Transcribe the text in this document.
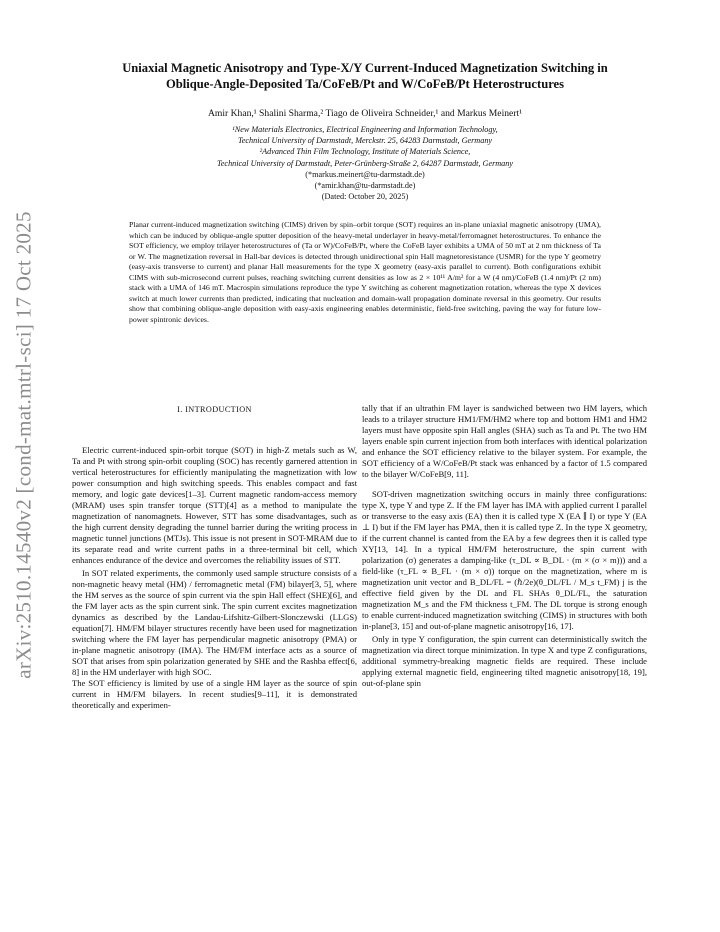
arXiv:2510.14540v2 [cond-mat.mtrl-sci] 17 Oct 2025
Uniaxial Magnetic Anisotropy and Type-X/Y Current-Induced Magnetization Switching in
Oblique-Angle-Deposited Ta/CoFeB/Pt and W/CoFeB/Pt Heterostructures
Amir Khan,¹ Shalini Sharma,² Tiago de Oliveira Schneider,¹ and Markus Meinert¹
¹New Materials Electronics, Electrical Engineering and Information Technology,
Technical University of Darmstadt, Merckstr. 25, 64283 Darmstadt, Germany
²Advanced Thin Film Technology, Institute of Materials Science,
Technical University of Darmstadt, Peter-Grünberg-Straße 2, 64287 Darmstadt, Germany
(*markus.meinert@tu-darmstadt.de)
(*amir.khan@tu-darmstadt.de)
(Dated: October 20, 2025)
Planar current-induced magnetization switching (CIMS) driven by spin–orbit torque (SOT) requires an in-plane uniaxial magnetic anisotropy (UMA), which can be induced by oblique-angle sputter deposition of the heavy-metal underlayer in heavy-metal/ferromagnet heterostructures. To enhance the SOT efficiency, we employ trilayer heterostructures of (Ta or W)/CoFeB/Pt, where the CoFeB layer exhibits a UMA of 50 mT at 2 nm thickness of Ta or W. The magnetization reversal in Hall-bar devices is detected through unidirectional spin Hall magnetoresistance (USMR) for the type Y geometry (easy-axis transverse to current) and planar Hall measurements for the type X geometry (easy-axis parallel to current). Both configurations exhibit CIMS with sub-microsecond current pulses, reaching switching current densities as low as 2 × 10¹¹ A/m² for a W (4 nm)/CoFeB (1.4 nm)/Pt (2 nm) stack with a UMA of 146 mT. Macrospin simulations reproduce the type Y switching as coherent magnetization rotation, whereas the type X devices switch at much lower currents than predicted, indicating that nucleation and domain-wall propagation dominate reversal in this geometry. Our results show that combining oblique-angle deposition with easy-axis engineering enables deterministic, field-free switching, paving the way for future low-power spintronic devices.
I. INTRODUCTION

Electric current-induced spin-orbit torque (SOT) in high-Z metals such as W, Ta and Pt with strong spin-orbit coupling (SOC) has recently garnered attention in vertical heterostructures for efficiently manipulating the magnetization with low power consumption and high switching speeds. This enables compact and fast memory, and logic gate devices[1–3]. Current magnetic random-access memory (MRAM) uses spin transfer torque (STT)[4] as a method to manipulate the magnetization of nanomagnets. However, STT has some disadvantages, such as the high current density degrading the tunnel barrier during the writing process in magnetic tunnel junctions (MTJs). This issue is not present in SOT-MRAM due to its separate read and write current paths in a three-terminal bit cell, which enhances endurance of the device and overcomes the reliability issues of STT.

In SOT related experiments, the commonly used sample structure consists of a non-magnetic heavy metal (HM) / ferromagnetic metal (FM) bilayer[3, 5], where the HM serves as the source of spin current via the spin Hall effect (SHE)[6], and the FM layer acts as the spin current sink. The spin current excites magnetization dynamics as described by the Landau-Lifshitz-Gilbert-Slonczewski (LLGS) equation[7]. HM/FM bilayer structures recently have been used for magnetization switching where the FM layer has perpendicular magnetic anisotropy (PMA) or in-plane magnetic anisotropy (IMA). The HM/FM interface acts as a source of SOT that arises from spin polarization generated by SHE and the Rashba effect[6, 8] in the HM underlayer with high SOC.

The SOT efficiency is limited by use of a single HM layer as the source of spin current in HM/FM bilayers. In recent studies[9–11], it is demonstrated theoretically and experimen-

tally that if an ultrathin FM layer is sandwiched between two HM layers, which leads to a trilayer structure HM1/FM/HM2 where top and bottom HM1 and HM2 layers must have opposite spin Hall angles (SHA) such as Ta and Pt. The two HM layers enable spin current injection from both interfaces with identical polarization and enhance the SOT efficiency relative to the bilayer system. For example, the SOT efficiency of a W/CoFeB/Pt stack was enhanced by a factor of 1.5 compared to the bilayer W/CoFeB[9, 11].

SOT-driven magnetization switching occurs in mainly three configurations: type X, type Y and type Z. If the FM layer has IMA with applied current I parallel or transverse to the easy axis (EA) then it is called type X (EA ∥ I) or type Y (EA ⊥ I) but if the FM layer has PMA, then it is called type Z. In the type X geometry, if the current channel is canted from the EA by a few degrees then it is called type XY[13, 14]. In a typical HM/FM heterostructure, the spin current with polarization (σ) generates a damping-like (τ_DL ∝ B_DL · (m × (σ × m))) and a field-like (τ_FL ∝ B_FL · (m × σ)) torque on the magnetization, where m is magnetization unit vector and B_DL/FL = (ℏ/2e)(θ_DL/FL / M_s t_FM) j is the effective field given by the DL and FL SHAs θ_DL/FL, the saturation magnetization M_s and the FM thickness t_FM. The DL torque is strong enough to enable current-induced magnetization switching (CIMS) in structures with both in-plane[3, 15] and out-of-plane magnetic anisotropy[16, 17].

Only in type Y configuration, the spin current can deterministically switch the magnetization via direct torque minimization. In type X and type Z configurations, additional symmetry-breaking magnetic fields are required. These include applying external magnetic field, engineering tilted magnetic anisotropy[18, 19], out-of-plane spin
